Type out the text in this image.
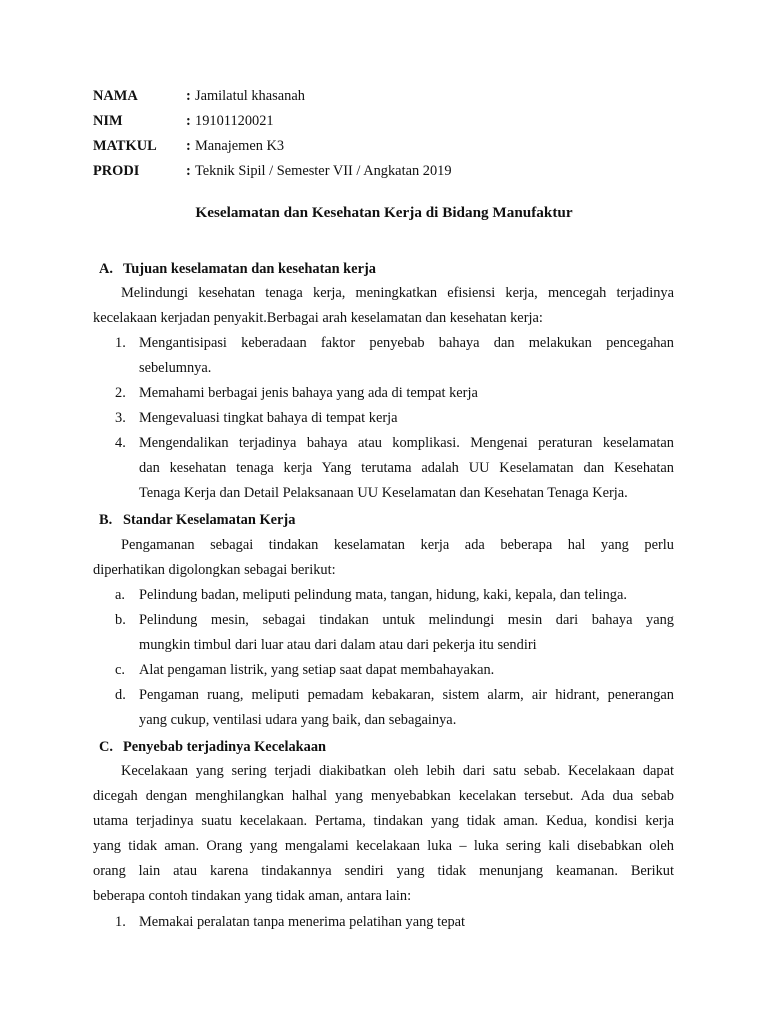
NAMA	: Jamilatul khasanah
NIM	: 19101120021
MATKUL : Manajemen K3
PRODI	: Teknik Sipil / Semester VII / Angkatan 2019
Keselamatan dan Kesehatan Kerja di Bidang Manufaktur
A. Tujuan keselamatan dan kesehatan kerja
Melindungi kesehatan tenaga kerja, meningkatkan efisiensi kerja, mencegah terjadinya
kecelakaan kerjadan penyakit.Berbagai arah keselamatan dan kesehatan kerja:
1. Mengantisipasi keberadaan faktor penyebab bahaya dan melakukan pencegahan
sebelumnya.
2. Memahami berbagai jenis bahaya yang ada di tempat kerja
3. Mengevaluasi tingkat bahaya di tempat kerja
4. Mengendalikan terjadinya bahaya atau komplikasi. Mengenai peraturan keselamatan
dan kesehatan tenaga kerja Yang terutama adalah UU Keselamatan dan Kesehatan
Tenaga Kerja dan Detail Pelaksanaan UU Keselamatan dan Kesehatan Tenaga Kerja.
B. Standar Keselamatan Kerja
Pengamanan sebagai tindakan keselamatan kerja ada beberapa hal yang perlu
diperhatikan digolongkan sebagai berikut:
a. Pelindung badan, meliputi pelindung mata, tangan, hidung, kaki, kepala, dan telinga.
b. Pelindung mesin, sebagai tindakan untuk melindungi mesin dari bahaya yang
mungkin timbul dari luar atau dari dalam atau dari pekerja itu sendiri
c. Alat pengaman listrik, yang setiap saat dapat membahayakan.
d. Pengaman ruang, meliputi pemadam kebakaran, sistem alarm, air hidrant, penerangan
yang cukup, ventilasi udara yang baik, dan sebagainya.
C. Penyebab terjadinya Kecelakaan
Kecelakaan yang sering terjadi diakibatkan oleh lebih dari satu sebab. Kecelakaan dapat
dicegah dengan menghilangkan halhal yang menyebabkan kecelakan tersebut. Ada dua sebab
utama terjadinya suatu kecelakaan. Pertama, tindakan yang tidak aman. Kedua, kondisi kerja
yang tidak aman. Orang yang mengalami kecelakaan luka – luka sering kali disebabkan oleh
orang lain atau karena tindakannya sendiri yang tidak menunjang keamanan. Berikut
beberapa contoh tindakan yang tidak aman, antara lain:
1. Memakai peralatan tanpa menerima pelatihan yang tepat
